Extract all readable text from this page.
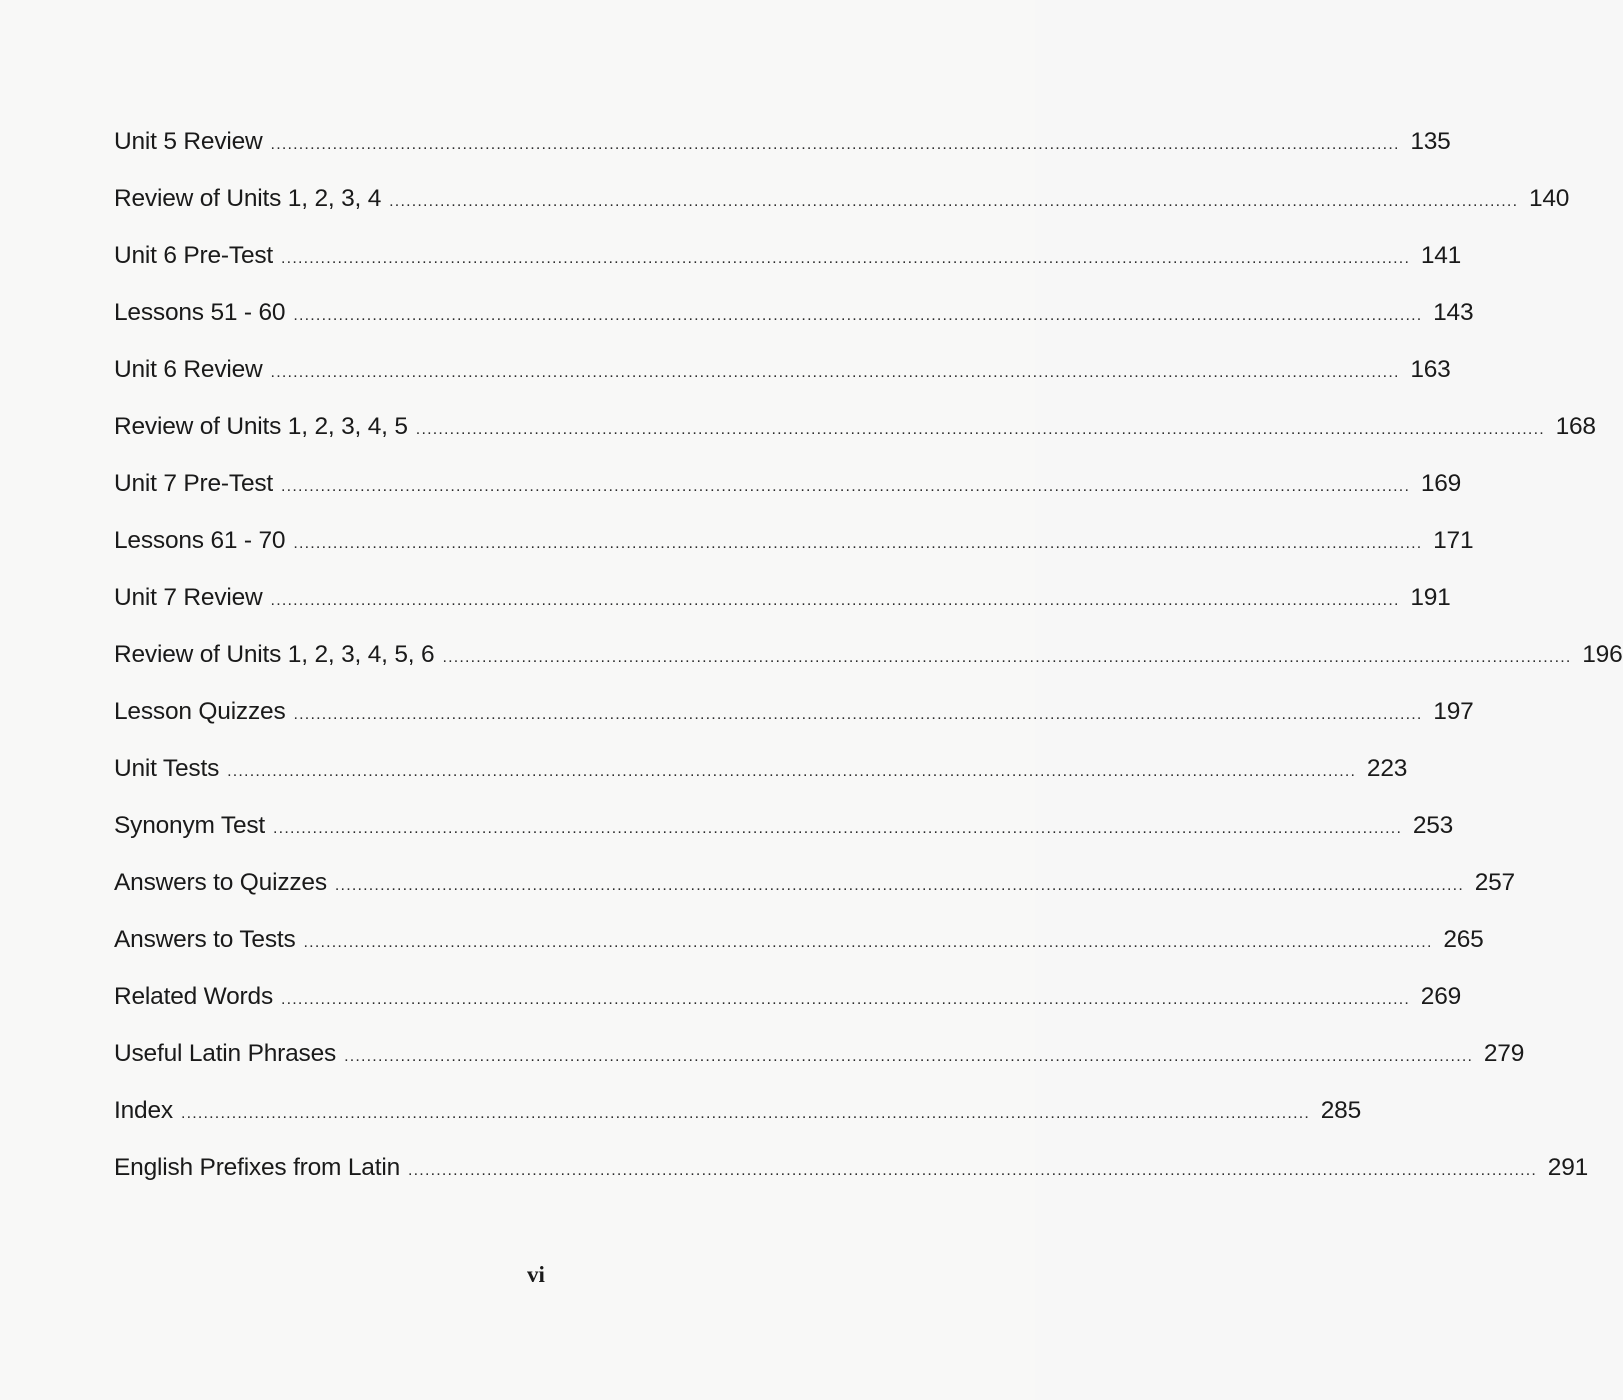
Unit 5 Review ........................................................................................................................................................................................................ 135
Review of Units 1, 2, 3, 4 ........................................................................................................................................................................................................ 140
Unit 6 Pre-Test ........................................................................................................................................................................................................ 141
Lessons 51 - 60 ........................................................................................................................................................................................................ 143
Unit 6 Review ........................................................................................................................................................................................................ 163
Review of Units 1, 2, 3, 4, 5 ........................................................................................................................................................................................................ 168
Unit 7 Pre-Test ........................................................................................................................................................................................................ 169
Lessons 61 - 70 ........................................................................................................................................................................................................ 171
Unit 7 Review ........................................................................................................................................................................................................ 191
Review of Units 1, 2, 3, 4, 5, 6 ........................................................................................................................................................................................................ 196
Lesson Quizzes ........................................................................................................................................................................................................ 197
Unit Tests ........................................................................................................................................................................................................ 223
Synonym Test ........................................................................................................................................................................................................ 253
Answers to Quizzes ........................................................................................................................................................................................................ 257
Answers to Tests ........................................................................................................................................................................................................ 265
Related Words ........................................................................................................................................................................................................ 269
Useful Latin Phrases ........................................................................................................................................................................................................ 279
Index ........................................................................................................................................................................................................ 285
English Prefixes from Latin ........................................................................................................................................................................................................ 291
vi
